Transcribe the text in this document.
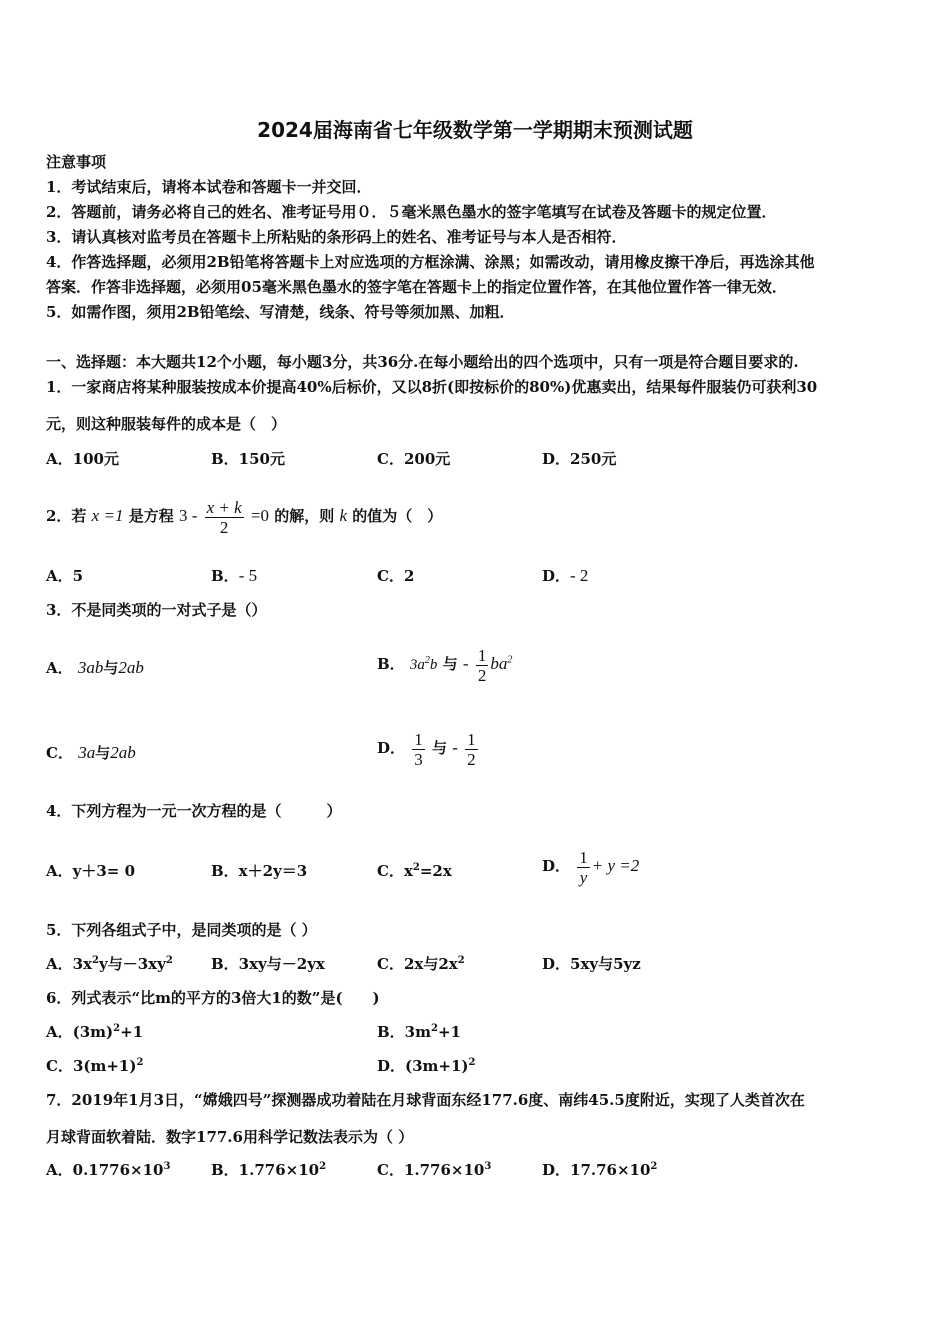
2024届海南省七年级数学第一学期期末预测试题
注意事项
1．考试结束后，请将本试卷和答题卡一并交回．
2．答题前，请务必将自己的姓名、准考证号用０．５毫米黑色墨水的签字笔填写在试卷及答题卡的规定位置．
3．请认真核对监考员在答题卡上所粘贴的条形码上的姓名、准考证号与本人是否相符．
4．作答选择题，必须用2B铅笔将答题卡上对应选项的方框涂满、涂黑；如需改动，请用橡皮擦干净后，再选涂其他
答案．作答非选择题，必须用05毫米黑色墨水的签字笔在答题卡上的指定位置作答，在其他位置作答一律无效．
5．如需作图，须用2B铅笔绘、写清楚，线条、符号等须加黑、加粗．
一、选择题：本大题共12个小题，每小题3分，共36分.在每小题给出的四个选项中，只有一项是符合题目要求的.
1．一家商店将某种服装按成本价提高40%后标价，又以8折(即按标价的80%)优惠卖出，结果每件服装仍可获利30
元，则这种服装每件的成本是（　）
A．100元	B．150元	C．200元	D．250元
2．若 x =1 是方程 $3 - \frac{x + k}{2} =0$ 的解，则 k 的值为（　）
A．5	B．- 5	C．2	D．- 2
3．不是同类项的一对式子是（）
A． 3ab与2ab	B． $3a^2b$ 与 - $\frac{1}{2} ba^2$
C． 3a与2ab	D． $\frac{1}{3}$ 与 - $\frac{1}{2}$
4．下列方程为一元一次方程的是（　　　）
A．y＋3= 0	B．x＋2y＝3	C．$x^2=2x$	D． $\frac{1}{y} + y =2$
5．下列各组式子中，是同类项的是（ ）
A．$3x^2y$与$-3xy^2$	B．3xy与－2yx	C．2x与$2x^2$	D．5xy与5yz
6．列式表示“比m的平方的3倍大1的数”是(　　)
A．$(3m)^2+1$	B．$3m^2+1$
C．$3(m+1)^2$	D．$(3m+1)^2$
7．2019年1月3日，“嫦娥四号”探测器成功着陆在月球背面东经177.6度、南纬45.5度附近，实现了人类首次在
月球背面软着陆．数字177.6用科学记数法表示为（ ）
A．$0.1776\times 10^3$	B．$1.776\times 10^2$	C．$1.776\times 10^3$	D．$17.76\times 10^2$
